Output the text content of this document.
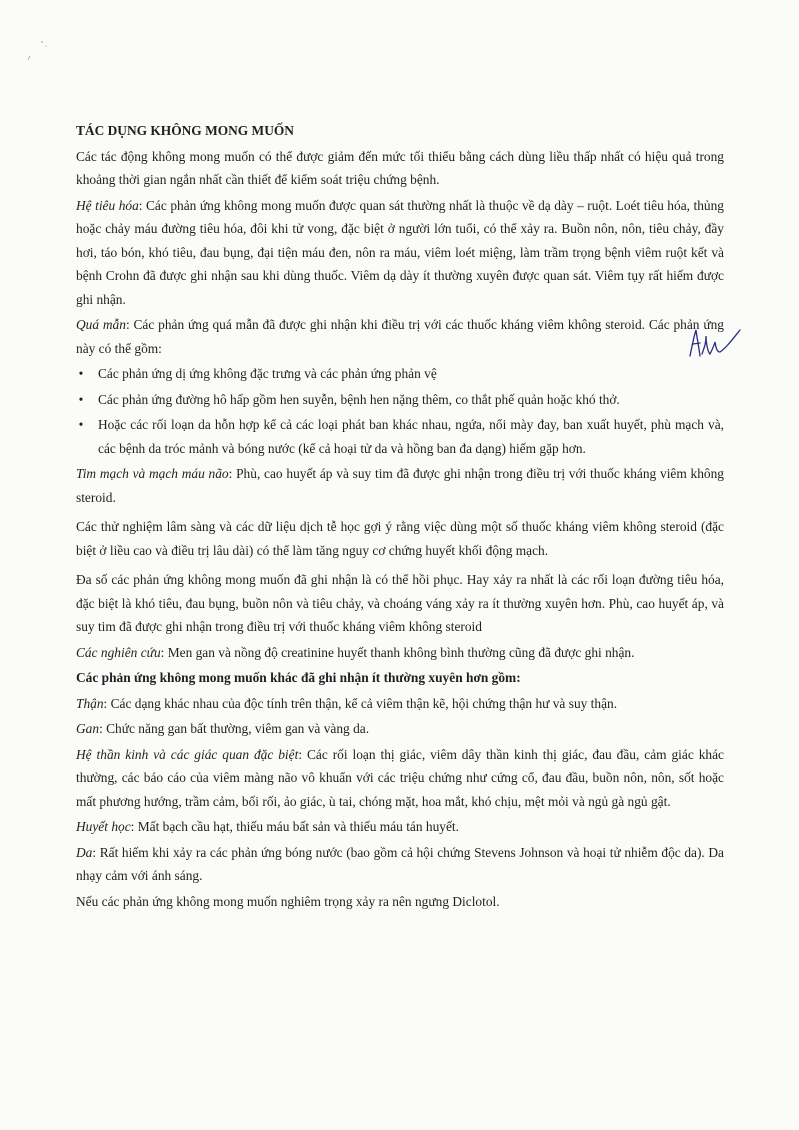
TÁC DỤNG KHÔNG MONG MUỐN

Các tác động không mong muốn có thể được giảm đến mức tối thiểu bằng cách dùng liều thấp nhất có hiệu quả trong khoảng thời gian ngắn nhất cần thiết để kiểm soát triệu chứng bệnh.

Hệ tiêu hóa: Các phản ứng không mong muốn được quan sát thường nhất là thuộc về dạ dày – ruột. Loét tiêu hóa, thủng hoặc chảy máu đường tiêu hóa, đôi khi tử vong, đặc biệt ở người lớn tuổi, có thể xảy ra. Buồn nôn, nôn, tiêu chảy, đầy hơi, táo bón, khó tiêu, đau bụng, đại tiện máu đen, nôn ra máu, viêm loét miệng, làm trầm trọng bệnh viêm ruột kết và bệnh Crohn đã được ghi nhận sau khi dùng thuốc. Viêm dạ dày ít thường xuyên được quan sát. Viêm tụy rất hiếm được ghi nhận.

Quá mẫn: Các phản ứng quá mẫn đã được ghi nhận khi điều trị với các thuốc kháng viêm không steroid. Các phản ứng này có thể gồm:

• Các phản ứng dị ứng không đặc trưng và các phản ứng phản vệ
• Các phản ứng đường hô hấp gồm hen suyễn, bệnh hen nặng thêm, co thắt phế quản hoặc khó thở.
• Hoặc các rối loạn da hỗn hợp kể cả các loại phát ban khác nhau, ngứa, nổi mày đay, ban xuất huyết, phù mạch và, các bệnh da tróc mảnh và bóng nước (kể cả hoại tử da và hồng ban đa dạng) hiếm gặp hơn.

Tim mạch và mạch máu não: Phù, cao huyết áp và suy tim đã được ghi nhận trong điều trị với thuốc kháng viêm không steroid.

Các thử nghiệm lâm sàng và các dữ liệu dịch tễ học gợi ý rằng việc dùng một số thuốc kháng viêm không steroid (đặc biệt ở liều cao và điều trị lâu dài) có thể làm tăng nguy cơ chứng huyết khối động mạch.

Đa số các phản ứng không mong muốn đã ghi nhận là có thể hồi phục. Hay xảy ra nhất là các rối loạn đường tiêu hóa, đặc biệt là khó tiêu, đau bụng, buồn nôn và tiêu chảy, và choáng váng xảy ra ít thường xuyên hơn. Phù, cao huyết áp, và suy tim đã được ghi nhận trong điều trị với thuốc kháng viêm không steroid

Các nghiên cứu: Men gan và nồng độ creatinine huyết thanh không bình thường cũng đã được ghi nhận.

Các phản ứng không mong muốn khác đã ghi nhận ít thường xuyên hơn gồm:

Thận: Các dạng khác nhau của độc tính trên thận, kể cả viêm thận kẽ, hội chứng thận hư và suy thận.

Gan: Chức năng gan bất thường, viêm gan và vàng da.

Hệ thần kinh và các giác quan đặc biệt: Các rối loạn thị giác, viêm dây thần kinh thị giác, đau đầu, cảm giác khác thường, các báo cáo của viêm màng não vô khuẩn với các triệu chứng như cứng cổ, đau đầu, buồn nôn, nôn, sốt hoặc mất phương hướng, trầm cảm, bối rối, ảo giác, ù tai, chóng mặt, hoa mắt, khó chịu, mệt mỏi và ngủ gà ngủ gật.

Huyết học: Mất bạch cầu hạt, thiếu máu bất sản và thiếu máu tán huyết.

Da: Rất hiếm khi xảy ra các phản ứng bóng nước (bao gồm cả hội chứng Stevens Johnson và hoại tử nhiễm độc da). Da nhạy cảm với ánh sáng.

Nếu các phản ứng không mong muốn nghiêm trọng xảy ra nên ngưng Diclotol.
